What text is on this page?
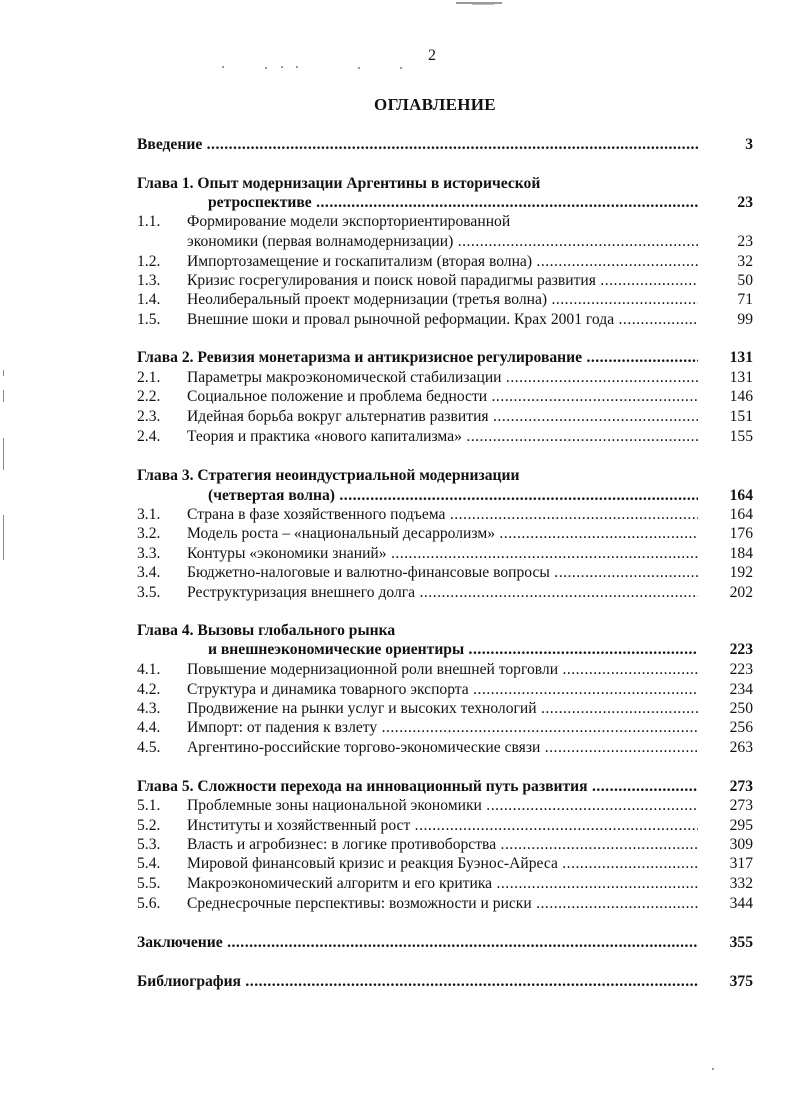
2
ОГЛАВЛЕНИЕ
Введение .....	3
Глава 1. Опыт модернизации Аргентины в исторической
ретроспективе .....	23
1.1. Формирование модели экспорториентированной
экономики (первая волнамодернизации) .....	23
1.2. Импортозамещение и госкапитализм (вторая волна) .....	32
1.3. Кризис госрегулирования и поиск новой парадигмы развития .....	50
1.4. Неолиберальный проект модернизации (третья волна) .....	71
1.5. Внешние шоки и провал рыночной реформации. Крах 2001 года .....	99
Глава 2. Ревизия монетаризма и антикризисное регулирование .....	131
2.1. Параметры макроэкономической стабилизации .....	131
2.2. Социальное положение и проблема бедности .....	146
2.3. Идейная борьба вокруг альтернатив развития .....	151
2.4. Теория и практика «нового капитализма» .....	155
Глава 3. Стратегия неоиндустриальной модернизации
(четвертая волна) .....	164
3.1. Страна в фазе хозяйственного подъема .....	164
3.2. Модель роста – «национальный десарролизм» .....	176
3.3. Контуры «экономики знаний» .....	184
3.4. Бюджетно-налоговые и валютно-финансовые вопросы .....	192
3.5. Реструктуризация внешнего долга .....	202
Глава 4. Вызовы глобального рынка
и внешнеэкономические ориентиры .....	223
4.1. Повышение модернизационной роли внешней торговли .....	223
4.2. Структура и динамика товарного экспорта .....	234
4.3. Продвижение на рынки услуг и высоких технологий .....	250
4.4. Импорт: от падения к взлету .....	256
4.5. Аргентино-российские торгово-экономические связи .....	263
Глава 5. Сложности перехода на инновационный путь развития .....	273
5.1. Проблемные зоны национальной экономики .....	273
5.2. Институты и хозяйственный рост .....	295
5.3. Власть и агробизнес: в логике противоборства .....	309
5.4. Мировой финансовый кризис и реакция Буэнос-Айреса .....	317
5.5. Макроэкономический алгоритм и его критика .....	332
5.6. Среднесрочные перспективы: возможности и риски .....	344
Заключение .....	355
Библиография .....	375
